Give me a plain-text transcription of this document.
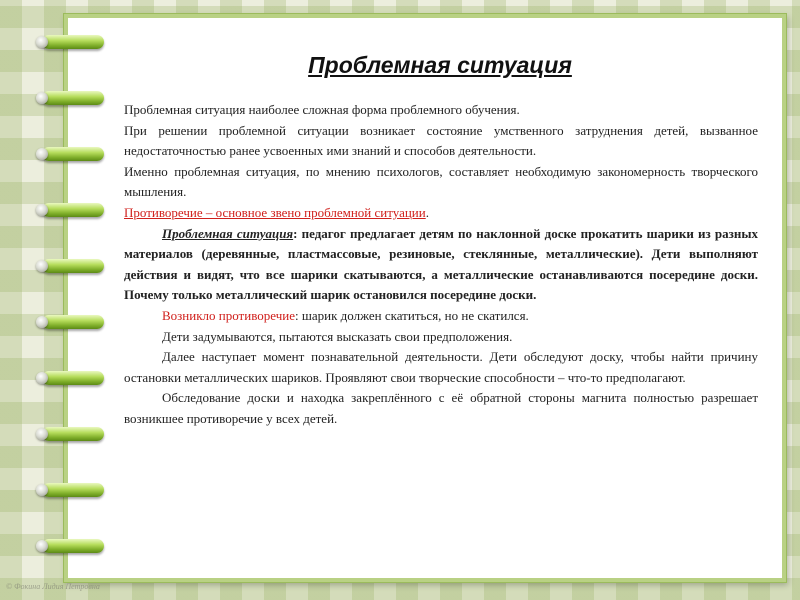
Проблемная ситуация

Проблемная ситуация наиболее сложная форма проблемного обучения.

При решении проблемной ситуации возникает состояние умственного затруднения детей, вызванное недостаточностью ранее усвоенных ими знаний и способов деятельности.

Именно проблемная ситуация, по мнению психологов, составляет необходимую закономерность творческого мышления.

Противоречие – основное звено проблемной ситуации.

Проблемная ситуация: педагог предлагает детям по наклонной доске прокатить шарики из разных материалов (деревянные, пластмассовые, резиновые, стеклянные, металлические). Дети выполняют действия и видят, что все шарики скатываются, а металлические останавливаются посередине доски. Почему только металлический шарик остановился посередине доски.

Возникло противоречие: шарик должен скатиться, но не скатился.

Дети задумываются, пытаются высказать свои предположения.

Далее наступает момент познавательной деятельности. Дети обследуют доску, чтобы найти причину остановки металлических шариков. Проявляют свои творческие способности – что-то предполагают.

Обследование доски и находка закреплённого с её обратной стороны магнита полностью разрешает возникшее противоречие у всех детей.

© Фокина Лидия Петровна
